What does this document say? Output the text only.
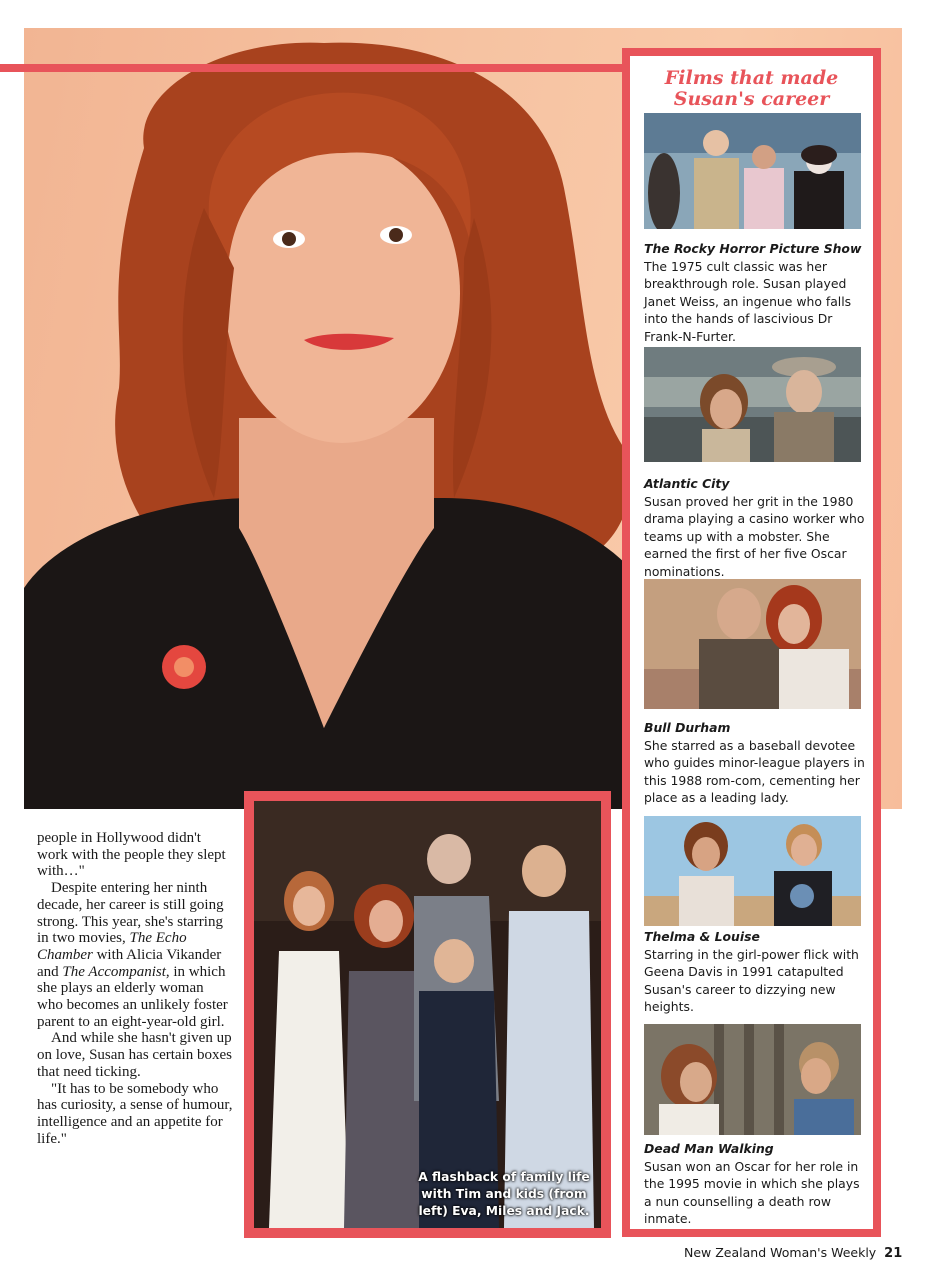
Films that made Susan's career
The Rocky Horror Picture Show
The 1975 cult classic was her breakthrough role. Susan played Janet Weiss, an ingenue who falls into the hands of lascivious Dr Frank-N-Furter.
Atlantic City
Susan proved her grit in the 1980 drama playing a casino worker who teams up with a mobster. She earned the first of her five Oscar nominations.
Bull Durham
She starred as a baseball devotee who guides minor-league players in this 1988 rom-com, cementing her place as a leading lady.
Thelma & Louise
Starring in the girl-power flick with Geena Davis in 1991 catapulted Susan's career to dizzying new heights.
Dead Man Walking
Susan won an Oscar for her role in the 1995 movie in which she plays a nun counselling a death row inmate.

people in Hollywood didn't work with the people they slept with…"

Despite entering her ninth decade, her career is still going strong. This year, she's starring in two movies, The Echo Chamber with Alicia Vikander and The Accompanist, in which she plays an elderly woman who becomes an unlikely foster parent to an eight-year-old girl.

And while she hasn't given up on love, Susan has certain boxes that need ticking.

"It has to be somebody who has curiosity, a sense of humour, intelligence and an appetite for life."

A flashback of family life with Tim and kids (from left) Eva, Miles and Jack.
New Zealand Woman's Weekly 21
